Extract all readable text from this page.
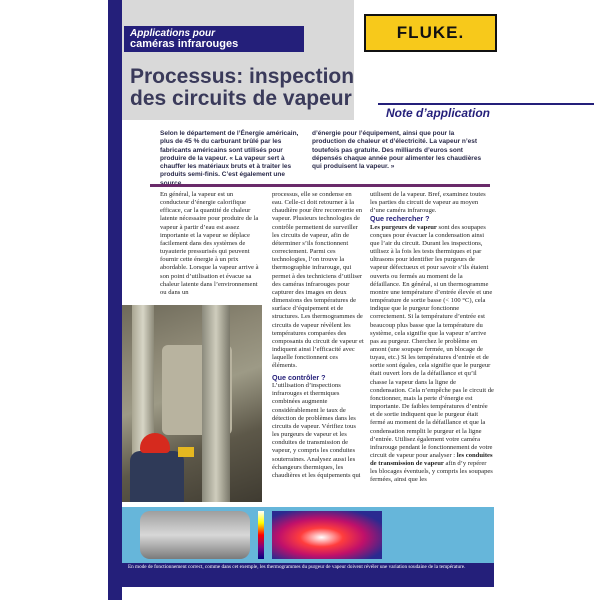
Applications pour
caméras infrarouges
FLUKE.
Processus: inspection
des circuits de vapeur
Note d’application
Selon le département de l’Énergie américain, plus de 45 % du carburant brûlé par les fabricants américains sont utilisés pour produire de la vapeur. « La vapeur sert à chauffer les matériaux bruts et à traiter les produits semi-finis. C’est également une
d’énergie pour l’équipement, ainsi que pour la production de chaleur et d’électricité. La vapeur n’est toutefois pas gratuite. Des milliards d’euros sont dépensés chaque année pour alimenter les chaudières qui produisent la vapeur. »

En général, la vapeur est un conducteur d’énergie calorifique efficace, car la quantité de chaleur latente nécessaire pour produire de la vapeur à partir d’eau est assez importante et la vapeur se déplace facilement dans des systèmes de tuyauterie pressurisés qui peuvent fournir cette énergie à un prix abordable. Lorsque la vapeur arrive à son point d’utilisation et évacue sa chaleur latente dans l’environnement ou dans un

processus, elle se condense en eau. Celle-ci doit retourner à la chaudière pour être reconvertie en vapeur. Plusieurs technologies de contrôle permettent de surveiller les circuits de vapeur, afin de déterminer s’ils fonctionnent correctement. Parmi ces technologies, l’on trouve la thermographie infrarouge, qui permet à des techniciens d’utiliser des caméras infrarouges pour capturer des images en deux dimensions des températures de surface d’équipement et de structures. Les thermogrammes de circuits de vapeur révèlent les températures comparées des composants du circuit de vapeur et indiquent ainsi l’efficacité avec laquelle fonctionnent ces éléments.

Que contrôler ?

L’utilisation d’inspections infrarouges et thermiques combinées augmente considérablement le taux de détection de problèmes dans les circuits de vapeur. Vérifiez tous les purgeurs de vapeur et les conduites de transmission de vapeur, y compris les conduites souterraines. Analysez aussi les échangeurs thermiques, les chaudières et les équipements qui

utilisent de la vapeur. Bref, examinez toutes les parties du circuit de vapeur au moyen d’une caméra infrarouge.

Que rechercher ?

Les purgeurs de vapeur sont des soupapes conçues pour évacuer la condensation ainsi que l’air du circuit. Durant les inspections, utilisez à la fois les tests thermiques et par ultrasons pour identifier les purgeurs de vapeur défectueux et pour savoir s’ils étaient ouverts ou fermés au moment de la défaillance. En général, si un thermogramme montre une température d’entrée élevée et une température de sortie basse (< 100 °C), cela indique que le purgeur fonctionne correctement. Si la température d’entrée est beaucoup plus basse que la température du système, cela signifie que la vapeur n’arrive pas au purgeur. Cherchez le problème en amont (une soupape fermée, un blocage de tuyau, etc.) Si les températures d’entrée et de sortie sont égales, cela signifie que le purgeur était ouvert lors de la défaillance et qu’il chasse la vapeur dans la ligne de condensation. Cela n’empêche pas le circuit de fonctionner, mais la perte d’énergie est importante. De faibles températures d’entrée et de sortie indiquent que le purgeur était fermé au moment de la défaillance et que la condensation remplit le purgeur et la ligne d’entrée. Utilisez également votre caméra infrarouge pendant le fonctionnement de votre circuit de vapeur pour analyser : les conduites de transmission de vapeur afin d’y repérer les blocages éventuels, y compris les soupapes fermées, ainsi que les

En mode de fonctionnement correct, comme dans cet exemple, les thermogrammes du purgeur de vapeur doivent révéler une variation soudaine de la température.
